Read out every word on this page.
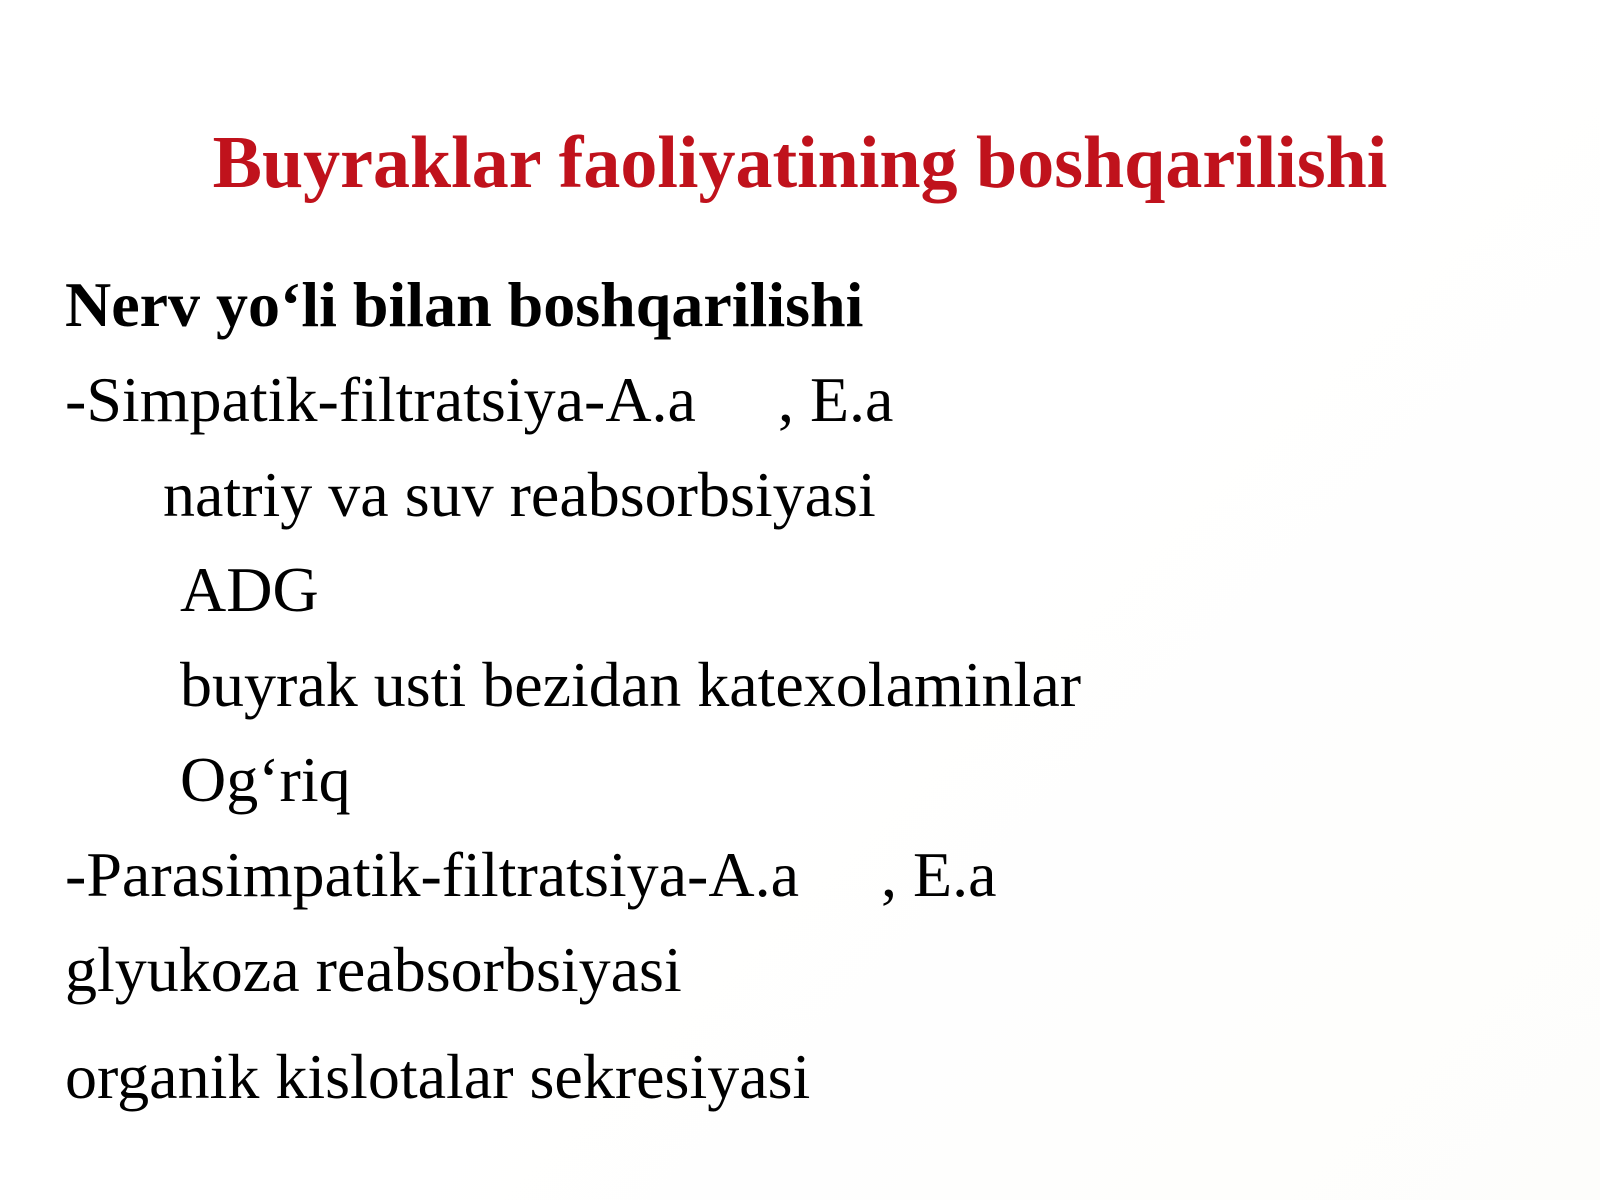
Buyraklar faoliyatining boshqarilishi
Nerv yo‘li bilan boshqarilishi
-Simpatik-filtratsiya-A.a , E.a
natriy va suv reabsorbsiyasi
ADG
buyrak usti bezidan katexolaminlar
Og‘riq
-Parasimpatik-filtratsiya-A.a , E.a
glyukoza reabsorbsiyasi
organik kislotalar sekresiyasi
